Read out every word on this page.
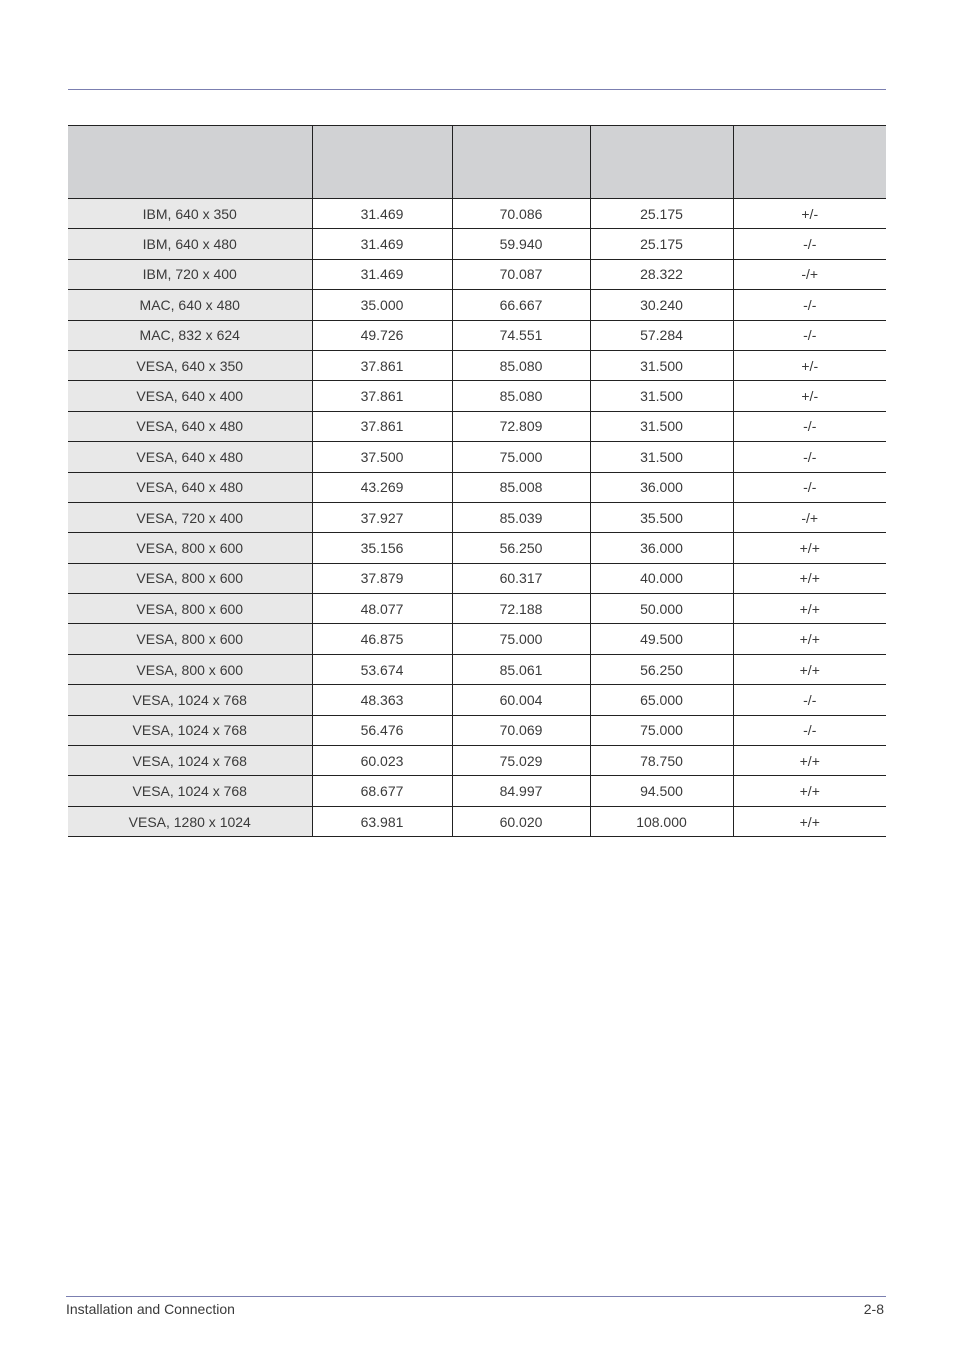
IBM, 640 x 350	31.469	70.086	25.175	+/-
IBM, 640 x 480	31.469	59.940	25.175	-/-
IBM, 720 x 400	31.469	70.087	28.322	-/+
MAC, 640 x 480	35.000	66.667	30.240	-/-
MAC, 832 x 624	49.726	74.551	57.284	-/-
VESA, 640 x 350	37.861	85.080	31.500	+/-
VESA, 640 x 400	37.861	85.080	31.500	+/-
VESA, 640 x 480	37.861	72.809	31.500	-/-
VESA, 640 x 480	37.500	75.000	31.500	-/-
VESA, 640 x 480	43.269	85.008	36.000	-/-
VESA, 720 x 400	37.927	85.039	35.500	-/+
VESA, 800 x 600	35.156	56.250	36.000	+/+
VESA, 800 x 600	37.879	60.317	40.000	+/+
VESA, 800 x 600	48.077	72.188	50.000	+/+
VESA, 800 x 600	46.875	75.000	49.500	+/+
VESA, 800 x 600	53.674	85.061	56.250	+/+
VESA, 1024 x 768	48.363	60.004	65.000	-/-
VESA, 1024 x 768	56.476	70.069	75.000	-/-
VESA, 1024 x 768	60.023	75.029	78.750	+/+
VESA, 1024 x 768	68.677	84.997	94.500	+/+
VESA, 1280 x 1024	63.981	60.020	108.000	+/+
Installation and Connection	2-8
